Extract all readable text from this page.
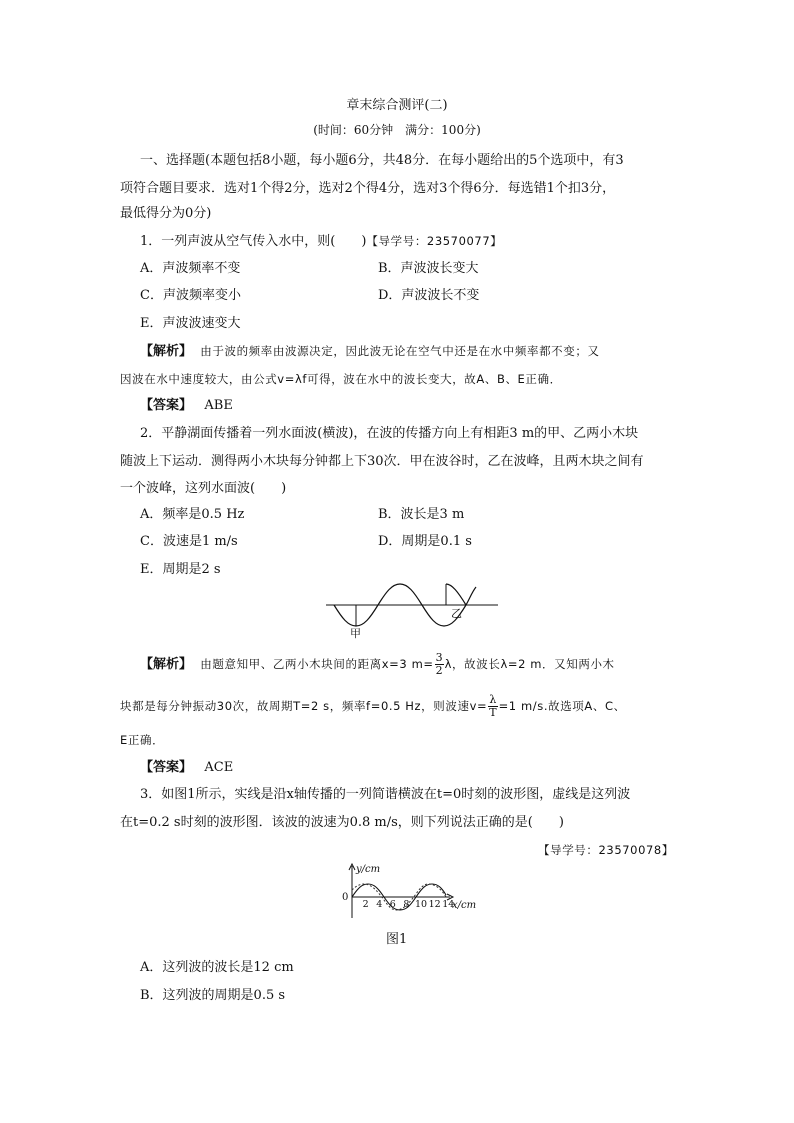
章末综合测评(二)
(时间：60分钟　满分：100分)
一、选择题(本题包括8小题，每小题6分，共48分．在每小题给出的5个选项中，有3
项符合题目要求．选对1个得2分，选对2个得4分，选对3个得6分．每选错1个扣3分，
最低得分为0分)
1．一列声波从空气传入水中，则(　　)【导学号：23570077】
A．声波频率不变	B．声波波长变大
C．声波频率变小	D．声波波长不变
E．声波波速变大
【解析】 由于波的频率由波源决定，因此波无论在空气中还是在水中频率都不变；又
因波在水中速度较大，由公式v=λf可得，波在水中的波长变大，故A、B、E正确．
【答案】 ABE
2．平静湖面传播着一列水面波(横波)，在波的传播方向上有相距3 m的甲、乙两小木块
随波上下运动．测得两小木块每分钟都上下30次．甲在波谷时，乙在波峰，且两木块之间有
一个波峰，这列水面波(　　)
A．频率是0.5 Hz	B．波长是3 m
C．波速是1 m/s	D．周期是0.1 s
E．周期是2 s
甲
乙
【解析】 由题意知甲、乙两小木块间的距离x=3 $m= \frac{3}{2}$ λ，故波长λ=2 m．又知两小木
块都是每分钟振动30次，故周期T=2 s，频率f=0.5 Hz，则波速$v= \frac{\lambda}{T} =1$ m/s.故选项A、C、
E正确．
【答案】 ACE
3．如图1所示，实线是沿x轴传播的一列简谐横波在t=0时刻的波形图，虚线是这列波
在t=0.2 s时刻的波形图．该波的波速为0.8 m/s，则下列说法正确的是(　　)
【导学号：23570078】
y/cm
x/cm
0
2 4 6 8 10 12 14
图1
A．这列波的波长是12 cm
B．这列波的周期是0.5 s
